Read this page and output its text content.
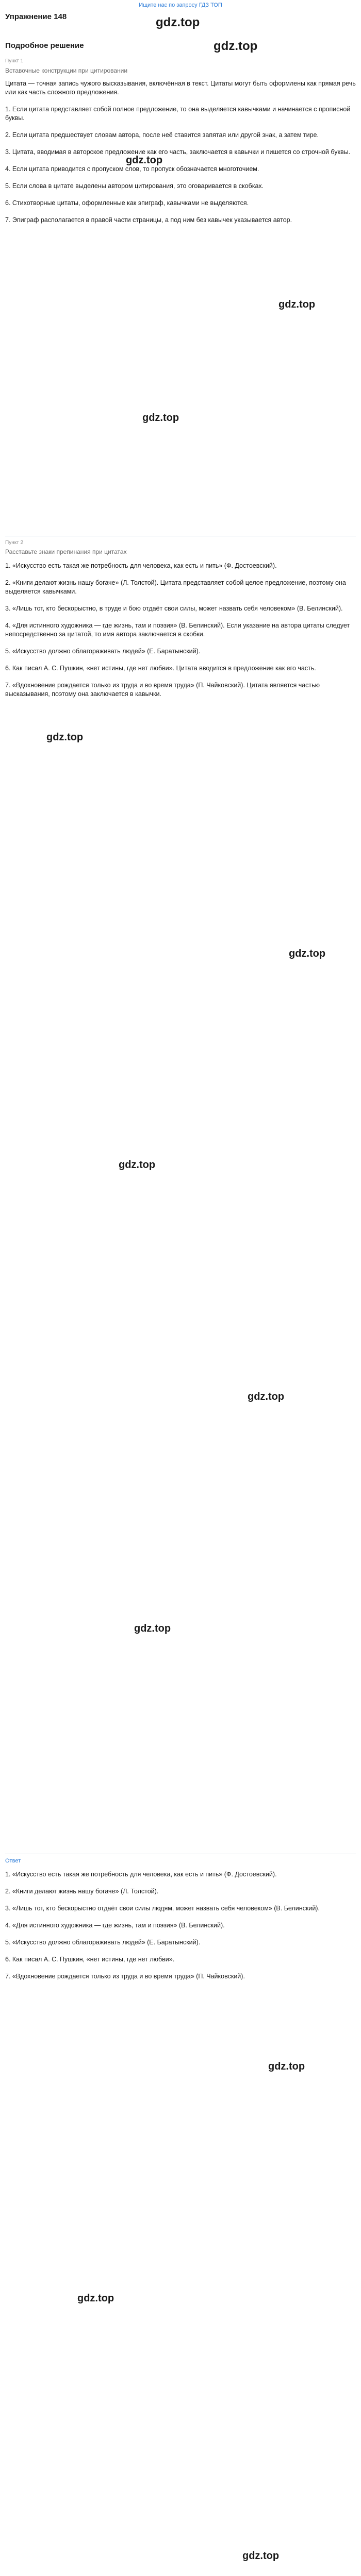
Ищите нас по запросу ГДЗ ТОП
Упражнение 148	gdz.top
Подробное решение	gdz.top
Пункт 1
Вставочные конструкции при цитировании

Цитата — точная запись чужого высказывания, включённая в текст. Цитаты могут быть оформлены как прямая речь или как часть сложного предложения.

1. Если цитата представляет собой полное предложение, то она выделяется кавычками и начинается с прописной буквы.

2. Если цитата предшествует словам автора, после неё ставится запятая или другой знак, а затем тире.

3. Цитата, вводимая в авторское предложение как его часть, заключается в кавычки и пишется со строчной буквы.

4. Если цитата приводится с пропуском слов, то пропуск обозначается многоточием.

5. Если слова в цитате выделены автором цитирования, это оговаривается в скобках.

6. Стихотворные цитаты, оформленные как эпиграф, кавычками не выделяются.

7. Эпиграф располагается в правой части страницы, а под ним без кавычек указывается автор.

gdz.top
gdz.top
gdz.top
Пункт 2
Расставьте знаки препинания при цитатах

1. «Искусство есть такая же потребность для человека, как есть и пить» (Ф. Достоевский).

2. «Книги делают жизнь нашу богаче» (Л. Толстой). Цитата представляет собой целое предложение, поэтому она выделяется кавычками.

3. «Лишь тот, кто бескорыстно, в труде и бою отдаёт свои силы, может назвать себя человеком» (В. Белинский).

4. «Для истинного художника — где жизнь, там и поэзия» (В. Белинский). Если указание на автора цитаты следует непосредственно за цитатой, то имя автора заключается в скобки.

5. «Искусство должно облагораживать людей» (Е. Баратынский).

6. Как писал А. С. Пушкин, «нет истины, где нет любви». Цитата вводится в предложение как его часть.

7. «Вдохновение рождается только из труда и во время труда» (П. Чайковский). Цитата является частью высказывания, поэтому она заключается в кавычки.

gdz.top
gdz.top
gdz.top
gdz.top
gdz.top
Ответ

1. «Искусство есть такая же потребность для человека, как есть и пить» (Ф. Достоевский).

2. «Книги делают жизнь нашу богаче» (Л. Толстой).

3. «Лишь тот, кто бескорыстно отдаёт свои силы людям, может назвать себя человеком» (В. Белинский).

4. «Для истинного художника — где жизнь, там и поэзия» (В. Белинский).

5. «Искусство должно облагораживать людей» (Е. Баратынский).

6. Как писал А. С. Пушкин, «нет истины, где нет любви».

7. «Вдохновение рождается только из труда и во время труда» (П. Чайковский).

gdz.top
gdz.top
gdz.top
